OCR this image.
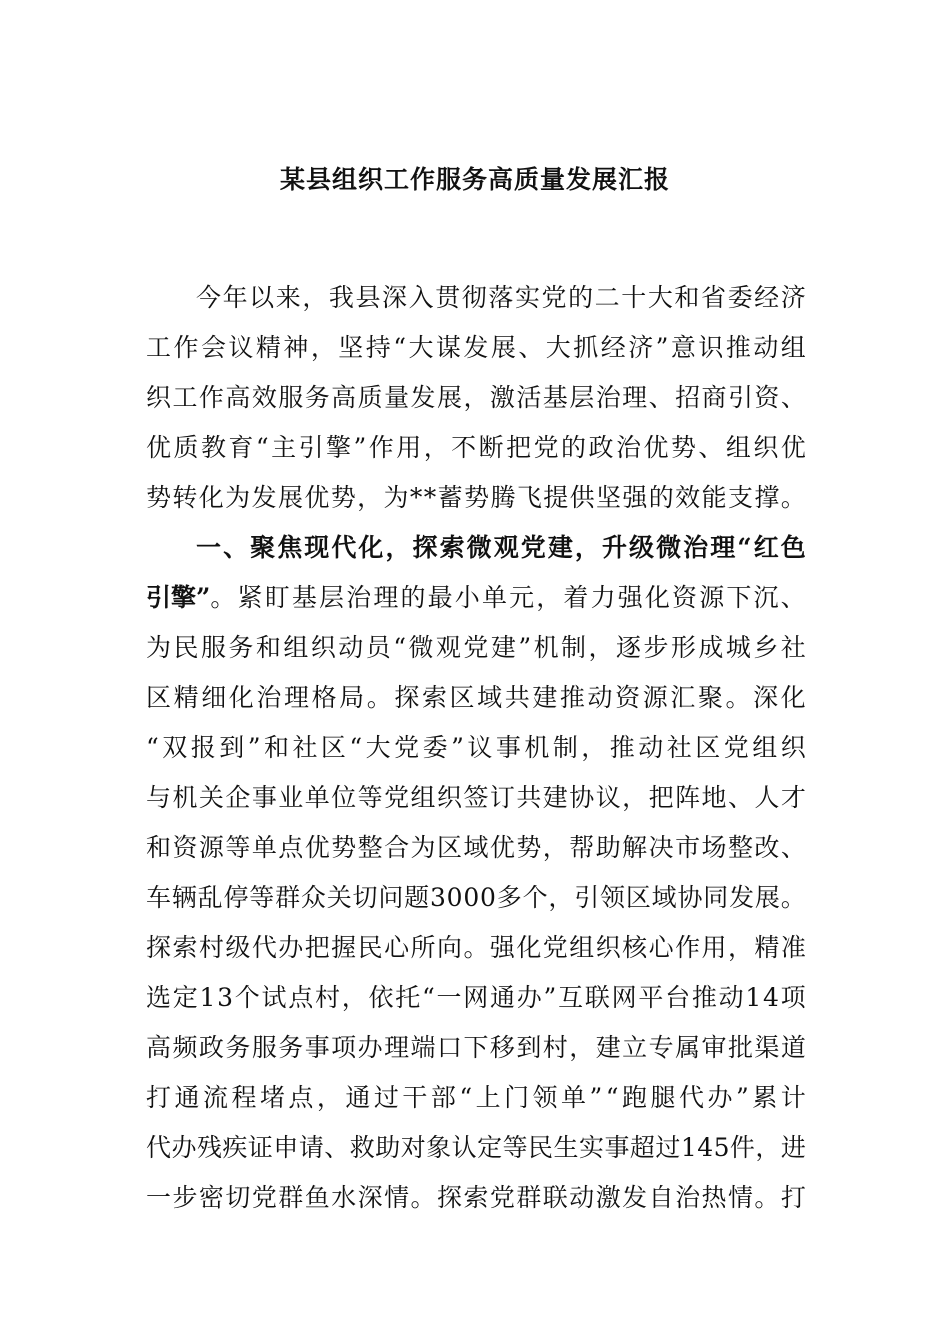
某县组织工作服务高质量发展汇报
今 年 以 来 ， 我 县 深 入 贯 彻 落 实 党 的 二 十 大 和 省 委 经 济
工 作 会 议 精 神 ， 坚 持 “ 大 谋 发 展 、 大 抓 经 济 ” 意 识 推 动 组
织 工 作 高 效 服 务 高 质 量 发 展 ， 激 活 基 层 治 理 、 招 商 引 资 、
优 质 教 育 “ 主 引 擎 ” 作 用 ， 不 断 把 党 的 政 治 优 势 、 组 织 优
势 转 化 为 发 展 优 势 ， 为 * * 蓄 势 腾 飞 提 供 坚 强 的 效 能 支 撑 。
一 、 聚 焦 现 代 化 ， 探 索 微 观 党 建 ， 升 级 微 治 理 “ 红 色
引擎” 。 紧 盯 基 层 治 理 的 最 小 单 元 ， 着 力 强 化 资 源 下 沉 、
为 民 服 务 和 组 织 动 员 “ 微 观 党 建 ” 机 制 ， 逐 步 形 成 城 乡 社
区 精 细 化 治 理 格 局 。 探 索 区 域 共 建 推 动 资 源 汇 聚 。 深 化
“ 双 报 到 ” 和 社 区 “ 大 党 委 ” 议 事 机 制 ， 推 动 社 区 党 组 织
与 机 关 企 事 业 单 位 等 党 组 织 签 订 共 建 协 议 ， 把 阵 地 、 人 才
和 资 源 等 单 点 优 势 整 合 为 区 域 优 势 ， 帮 助 解 决 市 场 整 改 、
车 辆 乱 停 等 群 众 关 切 问 题 3 0 0 0 多 个 ， 引 领 区 域 协 同 发 展 。
探 索 村 级 代 办 把 握 民 心 所 向 。 强 化 党 组 织 核 心 作 用 ， 精 准
选 定 1 3 个 试 点 村 ， 依 托 “ 一 网 通 办 ” 互 联 网 平 台 推 动 1 4 项
高 频 政 务 服 务 事 项 办 理 端 口 下 移 到 村 ， 建 立 专 属 审 批 渠 道
打 通 流 程 堵 点 ， 通 过 干 部 “ 上 门 领 单 ” “ 跑 腿 代 办 ” 累 计
代 办 残 疾 证 申 请 、 救 助 对 象 认 定 等 民 生 实 事 超 过 1 4 5 件 ， 进
一 步 密 切 党 群 鱼 水 深 情 。 探 索 党 群 联 动 激 发 自 治 热 情 。 打
